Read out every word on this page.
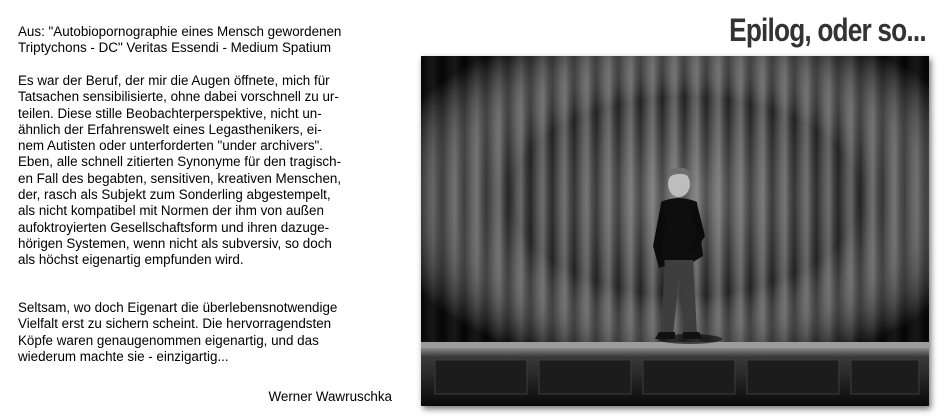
Aus: "Autobiopornographie eines Mensch gewordenen
Triptychons - DC" Veritas Essendi - Medium Spatium
Es war der Beruf, der mir die Augen öffnete, mich für
Tatsachen sensibilisierte, ohne dabei vorschnell zu ur-
teilen. Diese stille Beobachterperspektive, nicht un-
ähnlich der Erfahrenswelt eines Legasthenikers, ei-
nem Autisten oder unterforderten "under archivers".
Eben, alle schnell zitierten Synonyme für den tragisch-
en Fall des begabten, sensitiven, kreativen Menschen,
der, rasch als Subjekt zum Sonderling abgestempelt,
als nicht kompatibel mit Normen der ihm von außen
aufoktroyierten Gesellschaftsform und ihren dazuge-
hörigen Systemen, wenn nicht als subversiv, so doch
als höchst eigenartig empfunden wird.
Seltsam, wo doch Eigenart die überlebensnotwendige
Vielfalt erst zu sichern scheint. Die hervorragendsten
Köpfe waren genaugenommen eigenartig, und das
wiederum machte sie - einzigartig...
Werner Wawruschka
Epilog, oder so...
